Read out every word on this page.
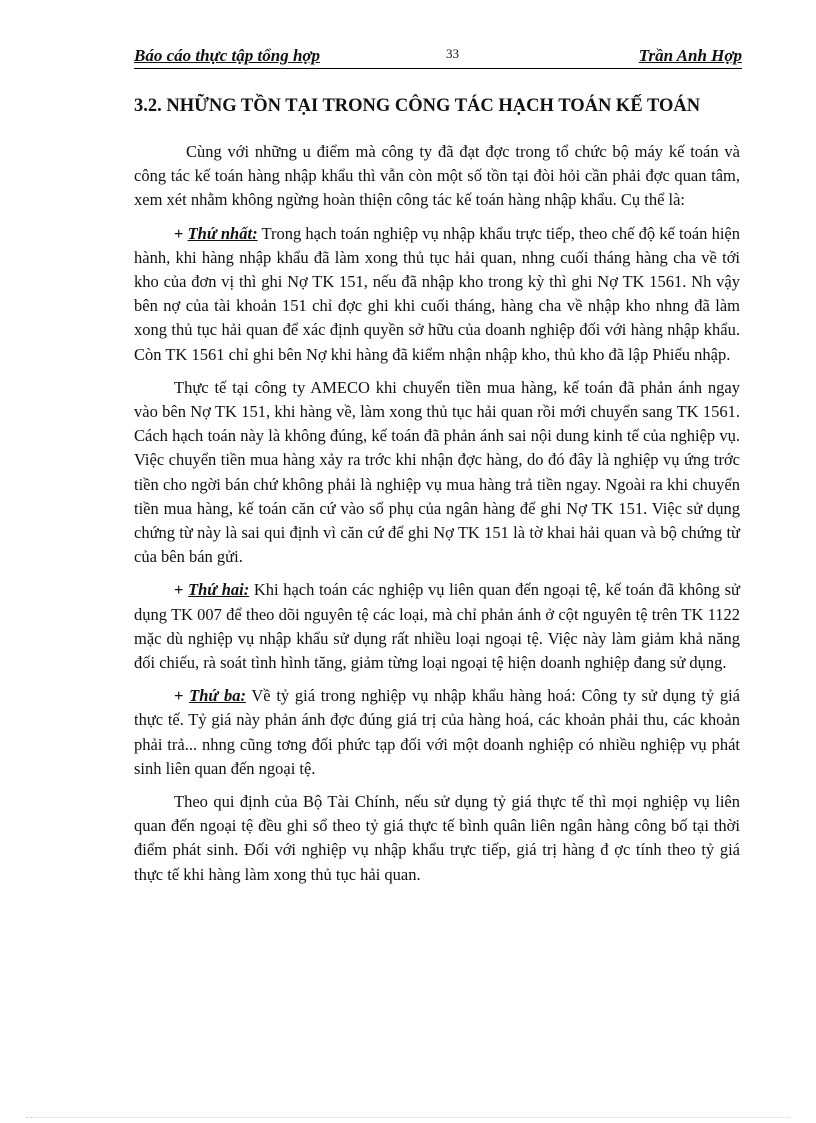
Báo cáo thực tập tổng hợp	33	Trần Anh Hợp
3.2. NHỮNG TỒN TẠI TRONG CÔNG TÁC HẠCH TOÁN KẾ TOÁN

Cùng với những u điểm mà công ty đã đạt đợc trong tổ chức bộ máy kế toán và công tác kế toán hàng nhập khẩu thì vẫn còn một số tồn tại đòi hỏi cần phải đợc quan tâm, xem xét nhằm không ngừng hoàn thiện công tác kế toán hàng nhập khẩu. Cụ thể là:

+ Thứ nhất: Trong hạch toán nghiệp vụ nhập khẩu trực tiếp, theo chế độ kế toán hiện hành, khi hàng nhập khẩu đã làm xong thủ tục hải quan, nhng cuối tháng hàng cha về tới kho của đơn vị thì ghi Nợ TK 151, nếu đã nhập kho trong kỳ thì ghi Nợ TK 1561. Nh vậy bên nợ của tài khoản 151 chỉ đợc ghi khi cuối tháng, hàng cha về nhập kho nhng đã làm xong thủ tục hải quan để xác định quyền sở hữu của doanh nghiệp đối với hàng nhập khẩu. Còn TK 1561 chỉ ghi bên Nợ khi hàng đã kiểm nhận nhập kho, thủ kho đã lập Phiếu nhập.

Thực tế tại công ty AMECO khi chuyển tiền mua hàng, kế toán đã phản ánh ngay vào bên Nợ TK 151, khi hàng về, làm xong thủ tục hải quan rồi mới chuyển sang TK 1561. Cách hạch toán này là không đúng, kế toán đã phản ánh sai nội dung kinh tế của nghiệp vụ. Việc chuyển tiền mua hàng xảy ra trớc khi nhận đợc hàng, do đó đây là nghiệp vụ ứng trớc tiền cho ngời bán chứ không phải là nghiệp vụ mua hàng trả tiền ngay. Ngoài ra khi chuyển tiền mua hàng, kế toán căn cứ vào sổ phụ của ngân hàng để ghi Nợ TK 151. Việc sử dụng chứng từ này là sai qui định vì căn cứ để ghi Nợ TK 151 là tờ khai hải quan và bộ chứng từ của bên bán gửi.

+ Thứ hai: Khi hạch toán các nghiệp vụ liên quan đến ngoại tệ, kế toán đã không sử dụng TK 007 để theo dõi nguyên tệ các loại, mà chỉ phản ánh ở cột nguyên tệ trên TK 1122 mặc dù nghiệp vụ nhập khẩu sử dụng rất nhiều loại ngoại tệ. Việc này làm giảm khả năng đối chiếu, rà soát tình hình tăng, giảm từng loại ngoại tệ hiện doanh nghiệp đang sử dụng.

+ Thứ ba: Về tỷ giá trong nghiệp vụ nhập khẩu hàng hoá: Công ty sử dụng tỷ giá thực tế. Tỷ giá này phản ánh đợc đúng giá trị của hàng hoá, các khoản phải thu, các khoản phải trả... nhng cũng tơng đối phức tạp đối với một doanh nghiệp có nhiều nghiệp vụ phát sinh liên quan đến ngoại tệ.

Theo qui định của Bộ Tài Chính, nếu sử dụng tỷ giá thực tế thì mọi nghiệp vụ liên quan đến ngoại tệ đều ghi sổ theo tỷ giá thực tế bình quân liên ngân hàng công bố tại thời điểm phát sinh. Đối với nghiệp vụ nhập khẩu trực tiếp, giá trị hàng đ ợc tính theo tỷ giá thực tế khi hàng làm xong thủ tục hải quan.
